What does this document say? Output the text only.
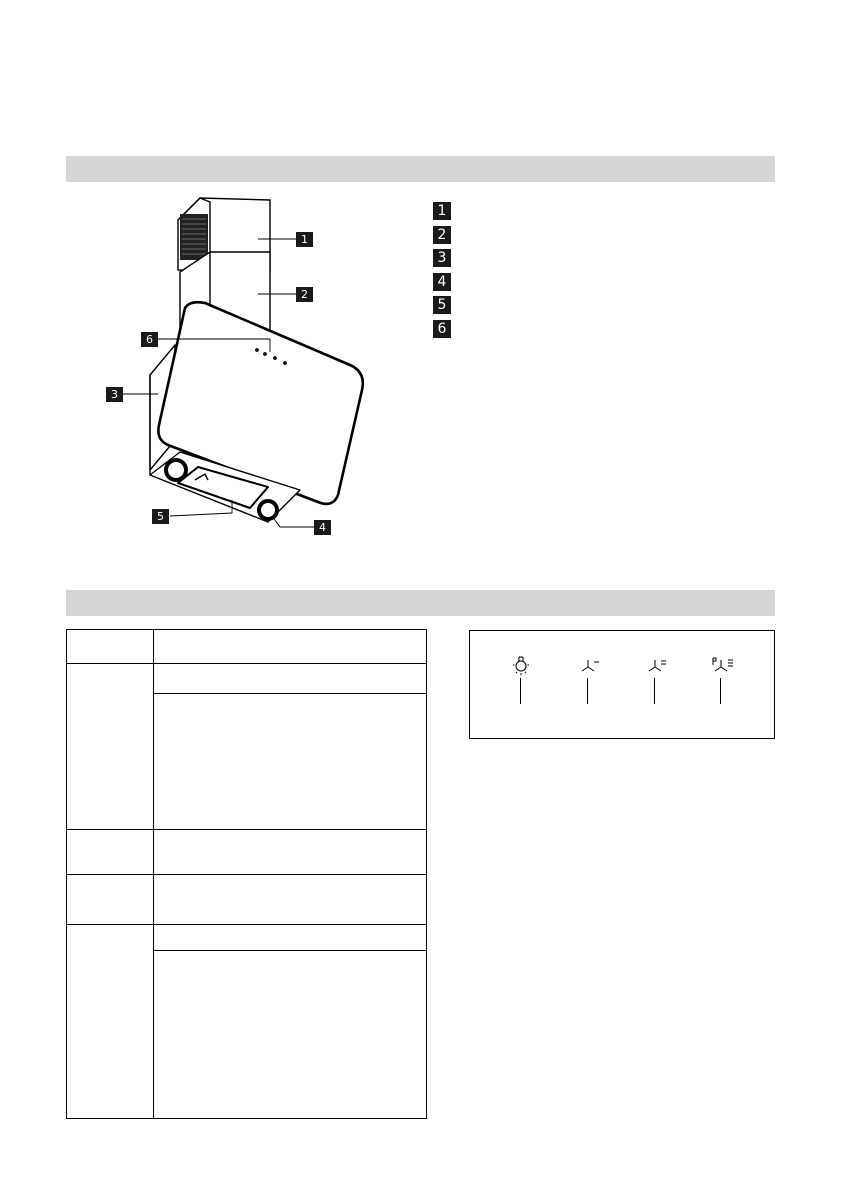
1
2
3
6
5
4
1
2
3
4
5
6
